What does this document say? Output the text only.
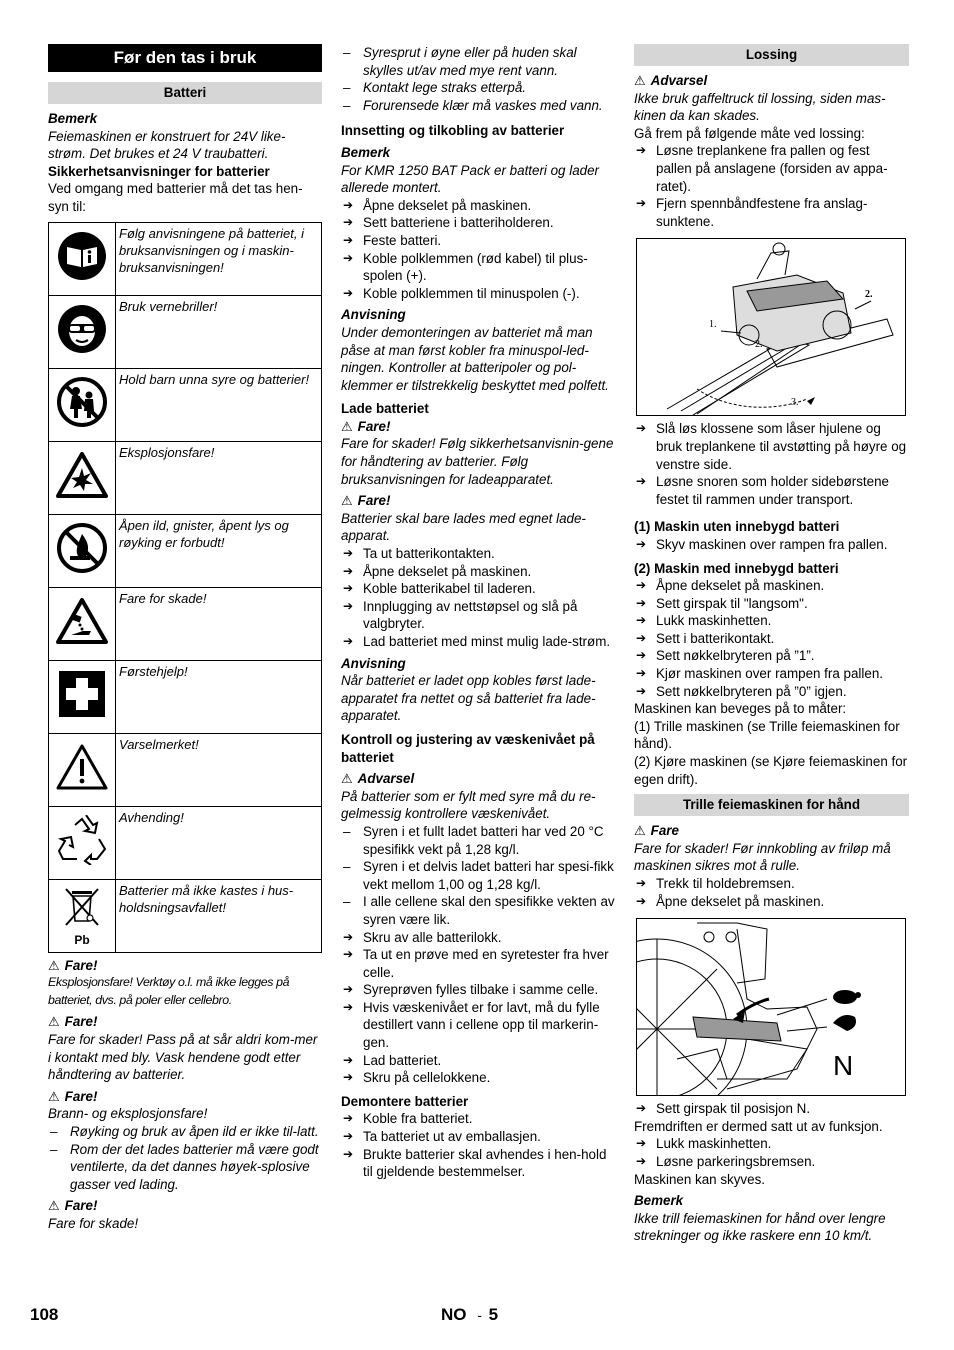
Før den tas i bruk
Batteri
Bemerk
Feiemaskinen er konstruert for 24V like-strøm. Det brukes et 24 V traubatteri.
Sikkerhetsanvisninger for batterier
Ved omgang med batterier må det tas hen-syn til:
	Følg anvisningene på batteriet, i bruksanvisningen og i maskin-bruksanvisningen!
	Bruk vernebriller!
	Hold barn unna syre og batterier!
	Eksplosjonsfare!
	Åpen ild, gnister, åpent lys og røyking er forbudt!
	Fare for skade!
	Førstehjelp!
	Varselmerket!
	Avhending!

Pb	Batterier må ikke kastes i hus-holdsningsavfallet!
⚠ Fare!
Eksplosjonsfare! Verktøy o.l. må ikke legges på batteriet, dvs. på poler eller cellebro.
⚠ Fare!
Fare for skader! Pass på at sår aldri kom-mer i kontakt med bly. Vask hendene godt etter håndtering av batterier.
⚠ Fare!
Brann- og eksplosjonsfare!
– Røyking og bruk av åpen ild er ikke til-latt.
– Rom der det lades batterier må være godt ventilerte, da det dannes høyek-splosive gasser ved lading.
⚠ Fare!
Fare for skade!
– Syresprut i øyne eller på huden skal skylles ut/av med mye rent vann.
– Kontakt lege straks etterpå.
– Forurensede klær må vaskes med vann.
Innsetting og tilkobling av batterier
Bemerk
For KMR 1250 BAT Pack er batteri og lader allerede montert.
➔ Åpne dekselet på maskinen.
➔ Sett batteriene i batteriholderen.
➔ Feste batteri.
➔ Koble polklemmen (rød kabel) til plus-spolen (+).
➔ Koble polklemmen til minuspolen (-).
Anvisning
Under demonteringen av batteriet må man påse at man først kobler fra minuspol-led-ningen. Kontroller at batteripoler og pol-klemmer er tilstrekkelig beskyttet med polfett.
Lade batteriet
⚠ Fare!
Fare for skader! Følg sikkerhetsanvisnin-gene for håndtering av batterier. Følg bruksanvisningen for ladeapparatet.
⚠ Fare!
Batterier skal bare lades med egnet lade-apparat.
➔ Ta ut batterikontakten.
➔ Åpne dekselet på maskinen.
➔ Koble batterikabel til laderen.
➔ Innplugging av nettstøpsel og slå på valgbryter.
➔ Lad batteriet med minst mulig lade-strøm.
Anvisning
Når batteriet er ladet opp kobles først lade-apparatet fra nettet og så batteriet fra lade-apparatet.
Kontroll og justering av væskenivået på batteriet
⚠ Advarsel
På batterier som er fylt med syre må du re-gelmessig kontrollere væskenivået.
– Syren i et fullt ladet batteri har ved 20 °C spesifikk vekt på 1,28 kg/l.
– Syren i et delvis ladet batteri har spesi-fikk vekt mellom 1,00 og 1,28 kg/l.
– I alle cellene skal den spesifikke vekten av syren være lik.
➔ Skru av alle batterilokk.
➔ Ta ut en prøve med en syretester fra hver celle.
➔ Syreprøven fylles tilbake i samme celle.
➔ Hvis væskenivået er for lavt, må du fylle destillert vann i cellene opp til markerin-gen.
➔ Lad batteriet.
➔ Skru på cellelokkene.
Demontere batterier
➔ Koble fra batteriet.
➔ Ta batteriet ut av emballasjen.
➔ Brukte batterier skal avhendes i hen-hold til gjeldende bestemmelser.
Lossing
⚠ Advarsel
Ikke bruk gaffeltruck til lossing, siden mas-kinen da kan skades.
Gå frem på følgende måte ved lossing:
➔ Løsne treplankene fra pallen og fest pallen på anslagene (forsiden av appa-ratet).
➔ Fjern spennbåndfestene fra anslag-sunktene.
1.
2.
2.
3.
➔ Slå løs klossene som låser hjulene og bruk treplankene til avstøtting på høyre og venstre side.
➔ Løsne snoren som holder sidebørstene festet til rammen under transport.
(1) Maskin uten innebygd batteri
➔ Skyv maskinen over rampen fra pallen.
(2) Maskin med innebygd batteri
➔ Åpne dekselet på maskinen.
➔ Sett girspak til "langsom".
➔ Lukk maskinhetten.
➔ Sett i batterikontakt.
➔ Sett nøkkelbryteren på ”1”.
➔ Kjør maskinen over rampen fra pallen.
➔ Sett nøkkelbryteren på ”0” igjen.
Maskinen kan beveges på to måter:
(1) Trille maskinen (se Trille feiemaskinen for hånd).
(2) Kjøre maskinen (se Kjøre feiemaskinen for egen drift).
Trille feiemaskinen for hånd
⚠ Fare
Fare for skader! Før innkobling av friløp må maskinen sikres mot å rulle.
➔ Trekk til holdebremsen.
➔ Åpne dekselet på maskinen.
N
➔ Sett girspak til posisjon N.
Fremdriften er dermed satt ut av funksjon.
➔ Lukk maskinhetten.
➔ Løsne parkeringsbremsen.
Maskinen kan skyves.
Bemerk
Ikke trill feiemaskinen for hånd over lengre strekninger og ikke raskere enn 10 km/t.
108	NO - 5
